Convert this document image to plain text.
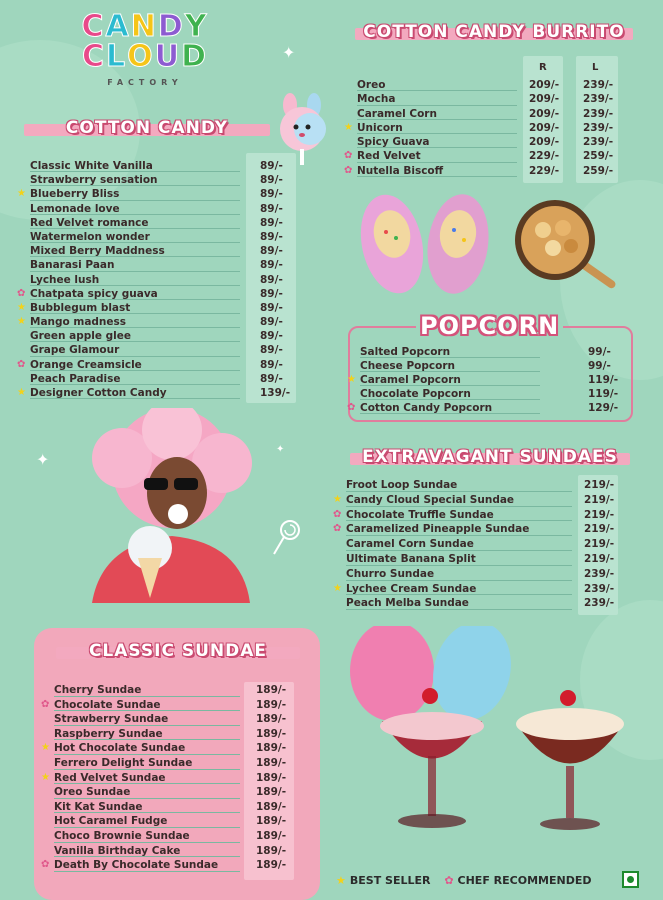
✦
✦
✦
CANDY
CLOUD
FACTORY
COTTON CANDY BURRITO
R	L
Oreo	209/- 239/-
Mocha	209/- 239/-
Caramel Corn	209/- 239/-
★ Unicorn	209/- 239/-
Spicy Guava	209/- 239/-
✿ Red Velvet	229/- 259/-
✿ Nutella Biscoff	229/- 259/-
COTTON CANDY
Classic White Vanilla	89/-
Strawberry sensation	89/-
★ Blueberry Bliss	89/-
Lemonade love	89/-
Red Velvet romance	89/-
Watermelon wonder	89/-
Mixed Berry Maddness	89/-
Banarasi Paan	89/-
Lychee lush	89/-
✿ Chatpata spicy guava	89/-
★ Bubblegum blast	89/-
★ Mango madness	89/-
Green apple glee	89/-
Grape Glamour	89/-
✿ Orange Creamsicle	89/-
Peach Paradise	89/-
★ Designer Cotton Candy	139/-
POPCORN
Salted Popcorn	99/-
Cheese Popcorn	99/-
★ Caramel Popcorn	119/-
Chocolate Popcorn	119/-
✿ Cotton Candy Popcorn	129/-
EXTRAVAGANT SUNDAES
Froot Loop Sundae	219/-
★ Candy Cloud Special Sundae	219/-
✿ Chocolate Truffle Sundae	219/-
✿ Caramelized Pineapple Sundae	219/-
Caramel Corn Sundae	219/-
Ultimate Banana Split	219/-
Churro Sundae	239/-
★ Lychee Cream Sundae	239/-
Peach Melba Sundae	239/-
CLASSIC SUNDAE
Cherry Sundae	189/-
✿ Chocolate Sundae	189/-
Strawberry Sundae	189/-
Raspberry Sundae	189/-
★ Hot Chocolate Sundae	189/-
Ferrero Delight Sundae	189/-
★ Red Velvet Sundae	189/-
Oreo Sundae	189/-
Kit Kat Sundae	189/-
Hot Caramel Fudge	189/-
Choco Brownie Sundae	189/-
Vanilla Birthday Cake	189/-
✿ Death By Chocolate Sundae	189/-
★ BEST SELLER ✿ CHEF RECOMMENDED
